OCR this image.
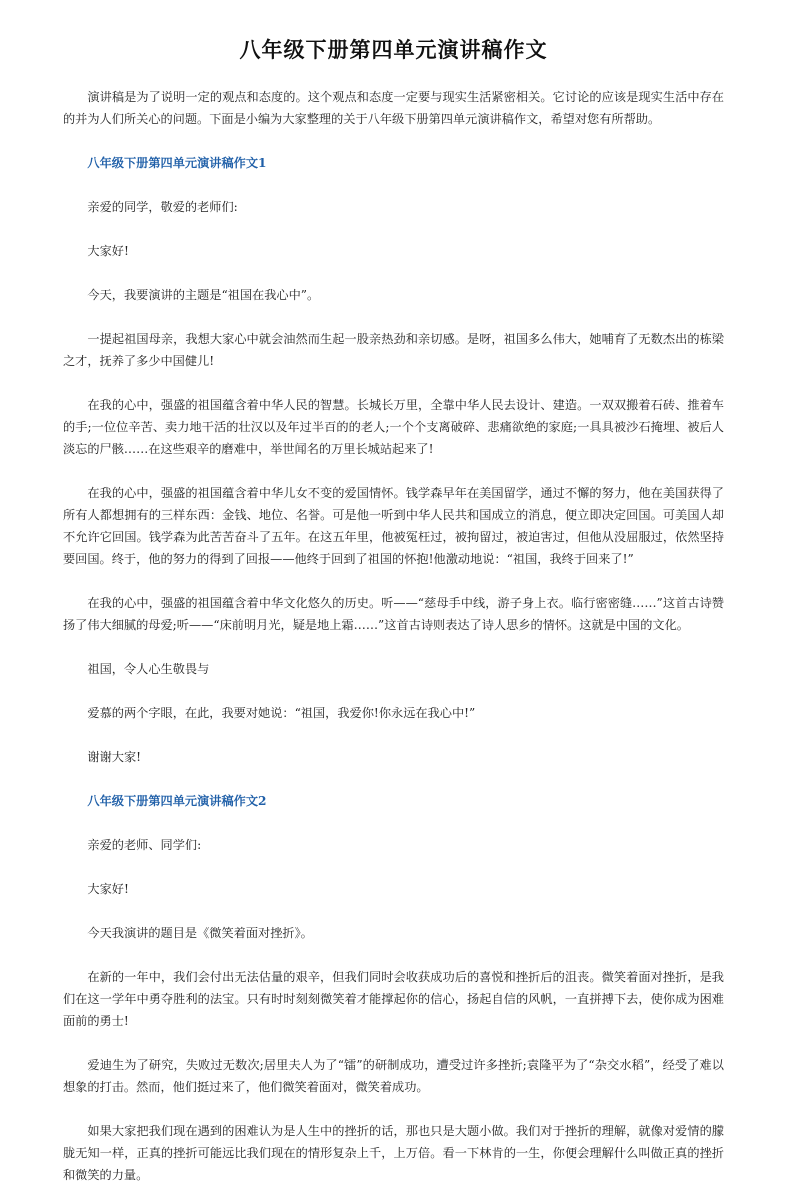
八年级下册第四单元演讲稿作文

演讲稿是为了说明一定的观点和态度的。这个观点和态度一定要与现实生活紧密相关。它讨论的应该是现实生活中存在的并为人们所关心的问题。下面是小编为大家整理的关于八年级下册第四单元演讲稿作文，希望对您有所帮助。

八年级下册第四单元演讲稿作文1

亲爱的同学，敬爱的老师们:

大家好!

今天，我要演讲的主题是“祖国在我心中”。

一提起祖国母亲，我想大家心中就会油然而生起一股亲热劲和亲切感。是呀，祖国多么伟大，她哺育了无数杰出的栋梁之才，抚养了多少中国健儿!

在我的心中，强盛的祖国蕴含着中华人民的智慧。长城长万里，全靠中华人民去设计、建造。一双双搬着石砖、推着车的手;一位位辛苦、卖力地干活的壮汉以及年过半百的的老人;一个个支离破碎、悲痛欲绝的家庭;一具具被沙石掩埋、被后人淡忘的尸骸……在这些艰辛的磨难中，举世闻名的万里长城站起来了!

在我的心中，强盛的祖国蕴含着中华儿女不变的爱国情怀。钱学森早年在美国留学，通过不懈的努力，他在美国获得了所有人都想拥有的三样东西：金钱、地位、名誉。可是他一听到中华人民共和国成立的消息，便立即决定回国。可美国人却不允许它回国。钱学森为此苦苦奋斗了五年。在这五年里，他被冤枉过，被拘留过，被迫害过，但他从没屈服过，依然坚持要回国。终于，他的努力的得到了回报——他终于回到了祖国的怀抱!他激动地说：“祖国，我终于回来了!”

在我的心中，强盛的祖国蕴含着中华文化悠久的历史。听——“慈母手中线，游子身上衣。临行密密缝……”这首古诗赞扬了伟大细腻的母爱;听——“床前明月光，疑是地上霜……”这首古诗则表达了诗人思乡的情怀。这就是中国的文化。

祖国，令人心生敬畏与

爱慕的两个字眼，在此，我要对她说：“祖国，我爱你!你永远在我心中!”

谢谢大家!

八年级下册第四单元演讲稿作文2

亲爱的老师、同学们:

大家好!

今天我演讲的题目是《微笑着面对挫折》。

在新的一年中，我们会付出无法估量的艰辛，但我们同时会收获成功后的喜悦和挫折后的沮丧。微笑着面对挫折，是我们在这一学年中勇夺胜利的法宝。只有时时刻刻微笑着才能撑起你的信心，扬起自信的风帆，一直拼搏下去，使你成为困难面前的勇士!

爱迪生为了研究，失败过无数次;居里夫人为了“镭”的研制成功，遭受过许多挫折;袁隆平为了“杂交水稻”，经受了难以想象的打击。然而，他们挺过来了，他们微笑着面对，微笑着成功。

如果大家把我们现在遇到的困难认为是人生中的挫折的话，那也只是大题小做。我们对于挫折的理解，就像对爱情的朦胧无知一样，正真的挫折可能远比我们现在的情形复杂上千，上万倍。看一下林肯的一生，你便会理解什么叫做正真的挫折和微笑的力量。
